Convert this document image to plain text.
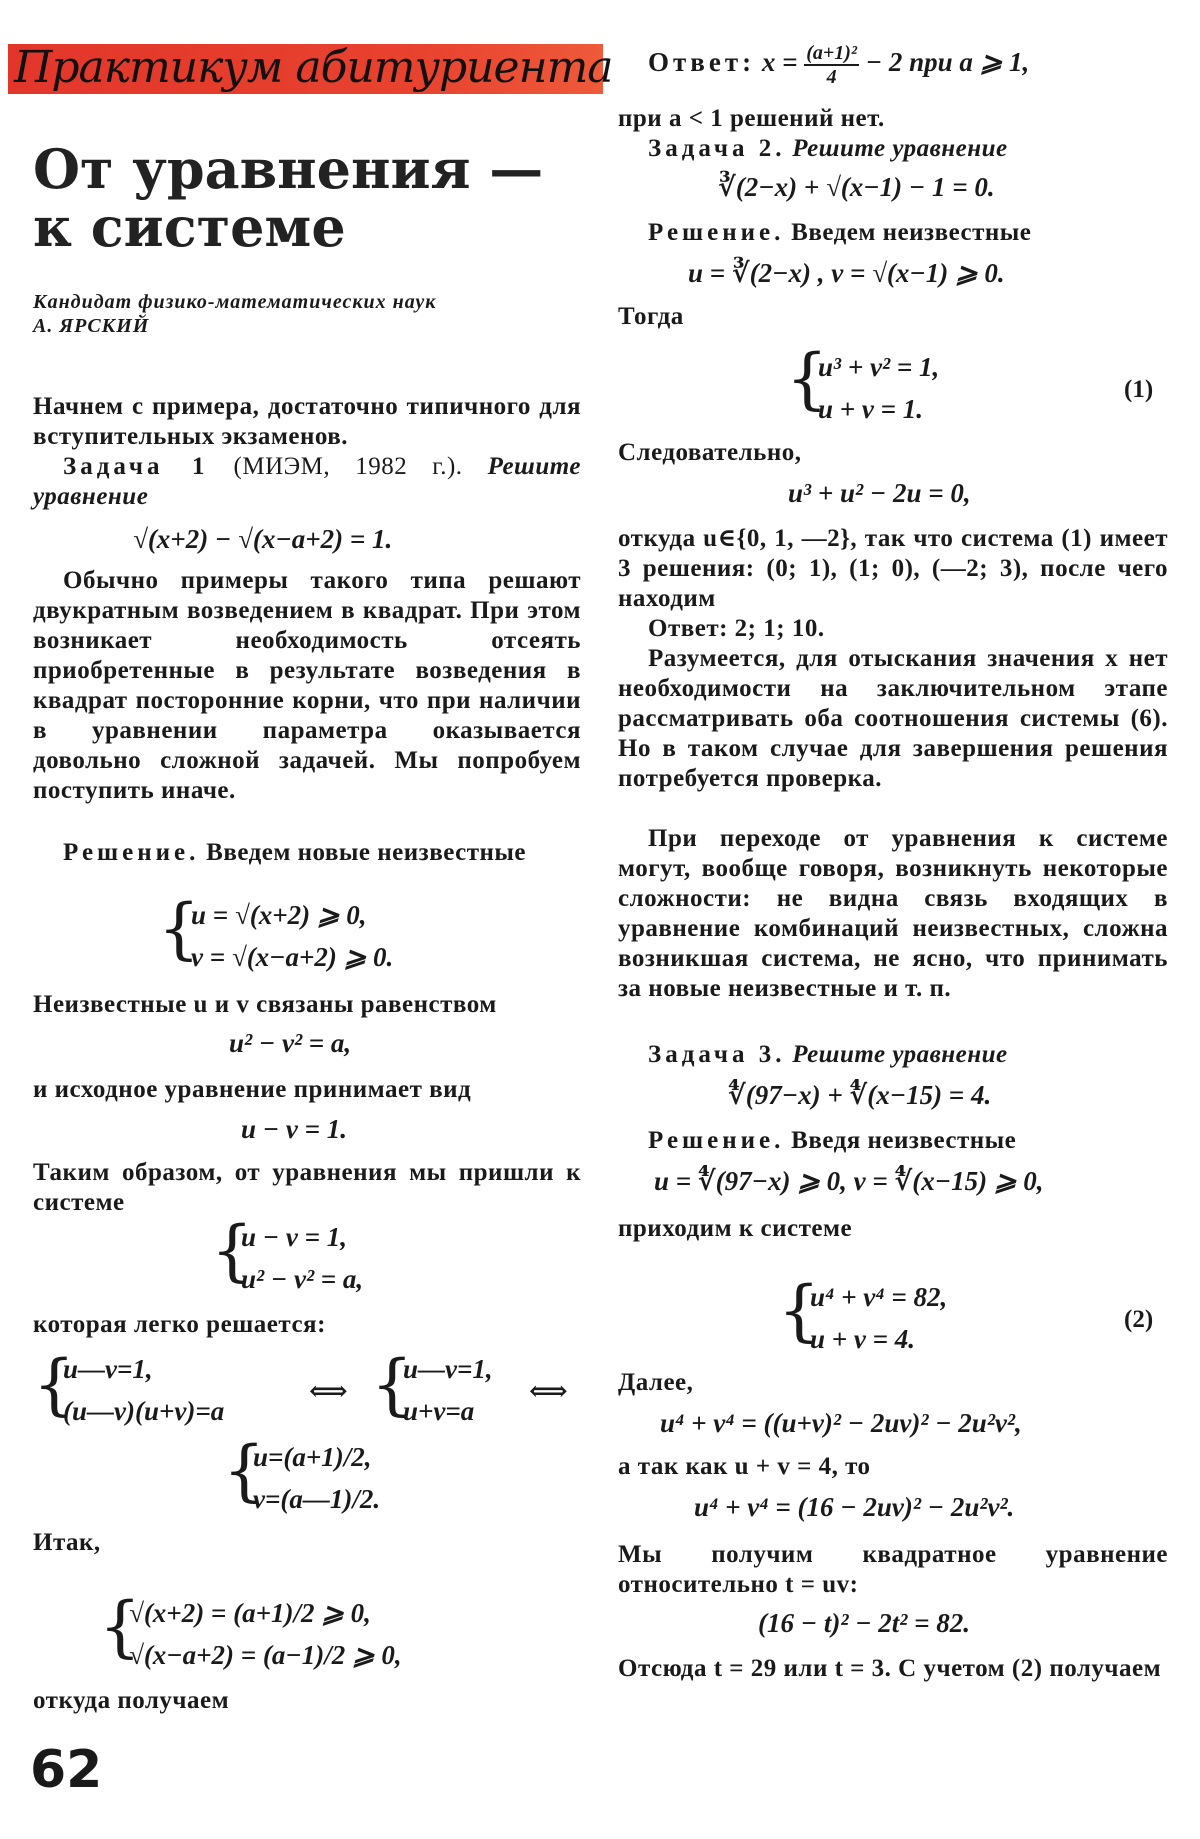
Практикум абитуриента
От уравнения —
к системе
Кандидат физико-математических наук
А. ЯРСКИЙ

Начнем с примера, достаточно типичного для вступительных экзаменов.

Задача 1 (МИЭМ, 1982 г.). Решите уравнение

√(x+2) − √(x−a+2) = 1.

Обычно примеры такого типа решают двукратным возведением в квадрат. При этом возникает необходимость отсеять приобретенные в результате возведения в квадрат посторонние корни, что при наличии в уравнении параметра оказывается довольно сложной задачей. Мы попробуем поступить иначе.

Решение. Введем новые неизвестные

{
u = √(x+2) ⩾ 0,
v = √(x−a+2) ⩾ 0.

Неизвестные u и v связаны равенством

u² − v² = a,

и исходное уравнение принимает вид

u − v = 1.

Таким образом, от уравнения мы пришли к системе

{
u − v = 1,
u² − v² = a,

которая легко решается:

{
u—v=1,
(u—v)(u+v)=a
⟺ {
u—v=1,
u+v=a
⟺
{
u=(a+1)/2,
v=(a—1)/2.

Итак,

{
√(x+2) = (a+1)/2 ⩾ 0,
√(x−a+2) = (a−1)/2 ⩾ 0,

откуда получаем

62
Ответ: $x = \frac{\text{(a+1)²}}{4} - 2$ при a ⩾ 1,

при a < 1 решений нет.

Задача 2. Решите уравнение

∛(2−x) + √(x−1) − 1 = 0.

Решение. Введем неизвестные

u = ∛(2−x) , v = √(x−1) ⩾ 0.

Тогда

{
u³ + v² = 1,
u + v = 1.
(1)

Следовательно,

u³ + u² − 2u = 0,

откуда u∈{0, 1, —2}, так что система (1) имеет 3 решения: (0; 1), (1; 0), (—2; 3), после чего находим

Ответ: 2; 1; 10.

Разумеется, для отыскания значения x нет необходимости на заключительном этапе рассматривать оба соотношения системы (6). Но в таком случае для завершения решения потребуется проверка.

При переходе от уравнения к системе могут, вообще говоря, возникнуть некоторые сложности: не видна связь входящих в уравнение комбинаций неизвестных, сложна возникшая система, не ясно, что принимать за новые неизвестные и т. п.

Задача 3. Решите уравнение

∜(97−x) + ∜(x−15) = 4.

Решение. Введя неизвестные

u = ∜(97−x) ⩾ 0, v = ∜(x−15) ⩾ 0,

приходим к системе

{
u⁴ + v⁴ = 82,
u + v = 4.
(2)

Далее,

u⁴ + v⁴ = ((u+v)² − 2uv)² − 2u²v²,

а так как u + v = 4, то

u⁴ + v⁴ = (16 − 2uv)² − 2u²v².

Мы получим квадратное уравнение относительно t = uv:

(16 − t)² − 2t² = 82.

Отсюда t = 29 или t = 3. С учетом (2) получаем
